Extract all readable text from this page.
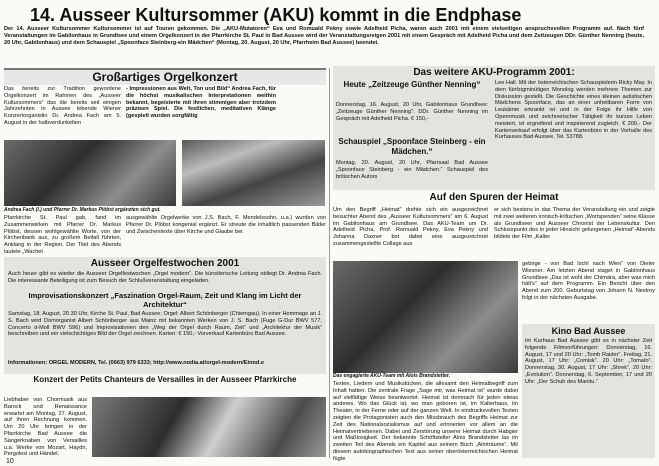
14. Ausseer Kultursommer (AKU) kommt in die Endphase
Der 14. Ausseer Kultursommer Kultursommer ist auf Touren gekommen. Die „AKU-Mutatoren“ Eva und Romuald Pekny sowie Adelheid Picha, waren auch 2001 mit einem vielseitigen anspruchsvollen Programm auf. Nach fünf Veranstaltungen im Gabilonhaus in Grundlsee und einem Orgelkonzert in der Pfarrkirche St. Paul in Bad Aussee wird der Veranstaltungsreigen 2001 mit einem Gespräch mit Adelheid Picha und dem Zeitzeugen DDr. Günther Nenning (heute, 20 Uhr, Gabilonhaus) und dem Schauspiel „Spoonface Steinberg-ein Mädchen“ (Montag, 20. August, 20 Uhr, Pfarrheim Bad Aussee) beendet.
Großartiges Orgelkonzert
Das bereits zur Tradition gewordene Orgelkonzert im Rahmen des „Ausseer Kultursommers“ das die bereits seit einigen Jahrzehnten in Aussee lebende Wiener Konzertorganistin Dr. Andrea Fach am 5. August in der halbverdunkelten
- Impressionen aus Welt, Ton und Bild“ Andrea Fach, für die höchst musikalischen Interpretationen weithin bekannt, begeisterte mit ihren stimmigen aber trotzdem präzisen Spiel. Die festlichen, meditativen Klänge (gespielt wurden sorgfältig
Andrea Fach (l.) und Pfarrer Dr. Markus Plöbst ergänzten sich gut.
Pfarrkirche St. Paul gab, fand im Zusammenwirken mit Pfarrer Dr. Markus Plöbst, dessen wohlgewählte Worte, von der Kirchenbank aus, zu großem Beifall führten, Anklang in der Region. Der Titel des Abends lautete „Wachet
ausgewählte Orgelwerke von J.S. Bach, F. Mendelssohn, u.a.) wurden von Pfarrer Dr. Plöbst kongenial ergänzt. Er streute die inhaltlich passenden Bilder und Zwischentexte über Kirche und Glaube bei.
Ausseer Orgelfestwochen 2001
Auch heuer gibt es wieder die Ausseer Orgelfestwochen „Orgel modern“. Die künstlerische Leitung obliegt Dr. Andrea Fach. Die interessante Beteiligung ist zum Besuch der Schlußveranstaltung eingeladen.
Improvisationskonzert „Faszination Orgel-Raum, Zeit und Klang im Licht der Architektur“
Samstag, 18. August, 20.30 Uhr, Kirche St. Paul, Bad Aussee; Orgel: Albert Schönberger (Chiemgau). In einer Hommage an J. S. Bach wird Domorganist Albert Schönberger aus Mainz mit bekannten Werken von J. S. Bach (Fuge G-Dur BWV 577, Concerto d-Moll BWV 596) und Improvisationen den „Weg der Orgel durch Raum, Zeit“ und „Architektur der Musik“ beschreiben und ein vielschichtiges Bild der Orgel zeichnen. Karten: € 150,- Vorverkauf Kartenbüro Bad Aussee.
Informationen: ORGEL MODERN, Tel. (0663) 979 6333; http://www.nodia.at/orgel-modern/Einnd.e
Konzert der Petits Chanteurs de Versailles in der Ausseer Pfarrkirche
Liebhaber von Chormusik aus Barock und Renaissance erwartet am Montag, 27. August, auf ihren Rechnung kommen. Um 20 Uhr bringen in der Pfarrkirche Bad Aussee die Sängerknaben von Versailles u.a. Werke von Mozart, Haydn, Pergolesi und Händel.
Das weitere AKU-Programm 2001:
Heute „Zeitzeuge Günther Nenning“
Donnerstag, 16. August, 20 Uhr, Gabilonhaus Grundlsee: „Zeitzeuge Günther Nenning“: DDr. Günther Nenning im Gespräch mit Adelheid Picha. € 150,-
Schauspiel „Spoonface Steinberg - ein Mädchen.“
Montag, 20. August, 20 Uhr, Pfarrsaal Bad Aussee „Spoonface Steinberg - ein Mädchen.“ Schauspiel des britischen Autors
Lee Hall. Mit der österreichischen Schauspielerin Ricky May. In dem fünfzigminütigen Monolog werden mehrere Themen zur Diskussion gestellt. Die Geschichte eines kleinen autistischen Mädchens Spoonface, das an einer unheilbaren Form von Leukämie erkrankt ist und in der Folge ihr Hilfe von Opernmusik und zeichnerischer Tätigkeit ihr kurzes Leben meistert, ist ergreifend und inspirierend zugleich. € 200,- Der Kartenverkauf erfolgt über das Kartenbüro in der Vorhalle des Kurhauses Bad Aussee, Tel. 53788.
Auf den Spuren der Heimat
Um den Begriff „Heimat“ drehte sich ein ausgezeichnet besuchter Abend des „Ausseer Kultursommers“ am 6. August im Gabilonhaus am Grundlsee. Das AKU-Team um Dr. Adelheid Picha, Prof. Romuald Pekny, Eva Pekny und Johanna Daxner bot dabei eine ausgezeichnet zusammengestellte Collage aus
er sich bestens in das Thema der Veranstaltung ein und zeigte mit zwei weiteren ironisch-kritischen „Wortspenden“ seine Klasse als Grundlseer und Ausseer Chronist der Lebenskultur. Den Schlusspunkt des in jeder Hinsicht gelungenen „Heimat“-Abends bildete der Film „Kalter
Das engagierte AKU-Team mit Alois Brandstetter.
Texten, Liedern und Musikstücken, die allesamt den Heimatbegriff zum Inhalt hatten. Die zentrale Frage „Sage mir, was Heimat ist“ wurde dabei auf vielfältige Weise beantwortet. Heimat ist demnach für jeden etwas anderes. Wo das Glück ist, wo man geboren ist, im Kalterhaus, im Theater, in der Ferne oder auf der ganzen Welt. In eindrucksvollen Texten zeigten die Protagonisten auch den Missbrauch des Begriffs Heimat zur Zeit des Nationalsozialismus auf und erinnerten vor allem an die Heimatvertriebenen. Dabei und Zerstörung unserer Heimat durch Habgier und Maßlosigkeit. Der bekannte Schriftsteller Alois Brandstetter las im zweiten Teil des Abends ein Kapitel aus seinem Buch „Almträume“. Mit diesem autobiographischen Text aus seiner oberösterreichischen Heimat fügte
gebirge - von Bad Ischl nach Wien“ von Dieter Wiesner. Am letzten Abend staget in Gabilonhaus Grundlsee „Das ist wohl der Chimära, aber was mich hält's“ auf dem Programm. Ein Bericht über den Abend zum 200. Geburtstag von Johann N. Nestroy folgt in der nächsten Ausgabe.
Kino Bad Aussee
Im Kurhaus Bad Aussee gibt es in nächster Zeit folgende Filmvorführungen: Donnerstag, 16. August, 17 und 20 Uhr: „Tomb Raider“. Freitag, 21. August, 17 Uhr: „Comisk“. 20 Uhr: „Tomato“. Donnerstag, 30. August, 17 Uhr: „Shrek“, 20 Uhr: „Evolution“. Donnerstag, 6. September, 17 und 20 Uhr: „Der Schuh des Manitu.“
10
